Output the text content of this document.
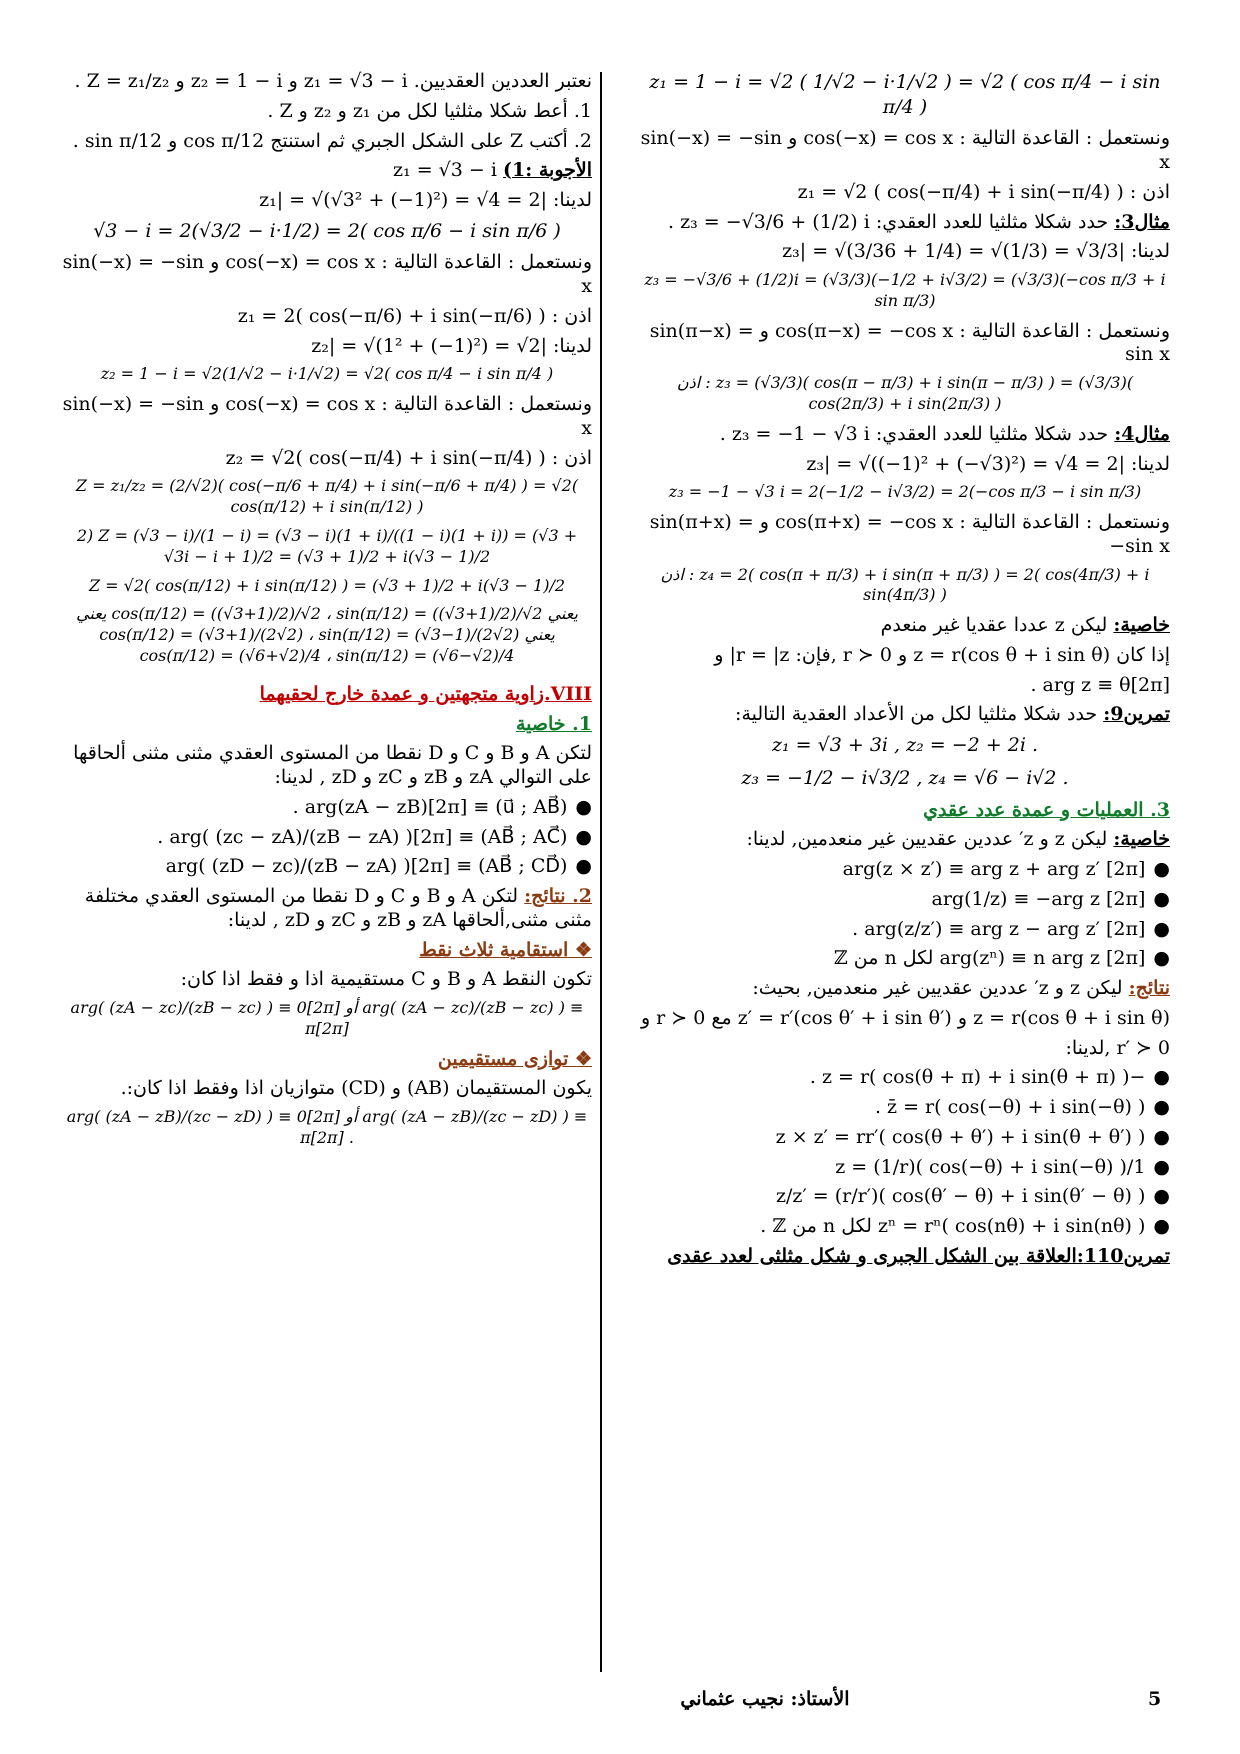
z₁ = 1 − i = √2 ( 1/√2 − i·1/√2 ) = √2 ( cos π/4 − i sin π/4 )
ونستعمل : القاعدة التالية : cos(−x) = cos x و sin(−x) = −sin x
اذن : z₁ = √2 ( cos(−π/4) + i sin(−π/4) )
مثال3: حدد شكلا مثلثيا للعدد العقدي: z₃ = −√3/6 + (1/2) i .
لدينا: |z₃| = √(3/36 + 1/4) = √(1/3) = √3/3
z₃ = −√3/6 + (1/2)i = (√3/3)(−1/2 + i√3/2) = (√3/3)(−cos π/3 + i sin π/3)
ونستعمل : القاعدة التالية : cos(π−x) = −cos x و sin(π−x) = sin x
اذن : z₃ = (√3/3)( cos(π − π/3) + i sin(π − π/3) ) = (√3/3)( cos(2π/3) + i sin(2π/3) )
مثال4: حدد شكلا مثلثيا للعدد العقدي: z₃ = −1 − √3 i .
لدينا: |z₃| = √((−1)² + (−√3)²) = √4 = 2
z₃ = −1 − √3 i = 2(−1/2 − i√3/2) = 2(−cos π/3 − i sin π/3)
ونستعمل : القاعدة التالية : cos(π+x) = −cos x و sin(π+x) = −sin x
اذن : z₄ = 2( cos(π + π/3) + i sin(π + π/3) ) = 2( cos(4π/3) + i sin(4π/3) )
خاصية: ليكن z عددا عقديا غير منعدم
إذا كان z = r(cos θ + i sin θ) و r ≻ 0 ,فإن: r = |z| و
arg z ≡ θ[2π] .
تمرين9: حدد شكلا مثلثيا لكل من الأعداد العقدية التالية:
z₁ = √3 + 3i , z₂ = −2 + 2i .
z₃ = −1/2 − i√3/2 , z₄ = √6 − i√2 .
3. العمليات و عمدة عدد عقدي
خاصية: ليكن z و z′ عددين عقديين غير منعدمين, لدينا:
● arg(z × z′) ≡ arg z + arg z′ [2π]
● arg(1/z) ≡ −arg z [2π]
● arg(z/z′) ≡ arg z − arg z′ [2π] .
● arg(zⁿ) ≡ n arg z [2π] لكل n من ℤ
نتائج: ليكن z و z′ عددين عقديين غير منعدمين, بحيث:
z = r(cos θ + i sin θ) و z′ = r′(cos θ′ + i sin θ′) مع r ≻ 0 و
r′ ≻ 0 ,لدينا:
● −z = r( cos(θ + π) + i sin(θ + π) ) .
● z̄ = r( cos(−θ) + i sin(−θ) ) .
● z × z′ = rr′( cos(θ + θ′) + i sin(θ + θ′) )
● 1/z = (1/r)( cos(−θ) + i sin(−θ) )
● z/z′ = (r/r′)( cos(θ′ − θ) + i sin(θ′ − θ) )
● zⁿ = rⁿ( cos(nθ) + i sin(nθ) ) لكل n من ℤ .
تمرين110:العلاقة بين الشكل الجبرى و شكل مثلثى لعدد عقدى
نعتبر العددين العقديين. z₁ = √3 − i و z₂ = 1 − i و Z = z₁/z₂ .
1. أعط شكلا مثلثيا لكل من z₁ و z₂ و Z .
2. أكتب Z على الشكل الجبري ثم استنتج cos π/12 و sin π/12 .
الأجوبة :1) z₁ = √3 − i
لدينا: |z₁| = √(√3² + (−1)²) = √4 = 2
√3 − i = 2(√3/2 − i·1/2) = 2( cos π/6 − i sin π/6 )
ونستعمل : القاعدة التالية : cos(−x) = cos x و sin(−x) = −sin x
اذن : z₁ = 2( cos(−π/6) + i sin(−π/6) )
لدينا: |z₂| = √(1² + (−1)²) = √2
z₂ = 1 − i = √2(1/√2 − i·1/√2) = √2( cos π/4 − i sin π/4 )
ونستعمل : القاعدة التالية : cos(−x) = cos x و sin(−x) = −sin x
اذن : z₂ = √2( cos(−π/4) + i sin(−π/4) )
Z = z₁/z₂ = (2/√2)( cos(−π/6 + π/4) + i sin(−π/6 + π/4) ) = √2( cos(π/12) + i sin(π/12) )
2) Z = (√3 − i)/(1 − i) = (√3 − i)(1 + i)/((1 − i)(1 + i)) = (√3 + √3i − i + 1)/2 = (√3 + 1)/2 + i(√3 − 1)/2
Z = √2( cos(π/12) + i sin(π/12) ) = (√3 + 1)/2 + i(√3 − 1)/2
يعني cos(π/12) = ((√3+1)/2)/√2 ، sin(π/12) = ((√3+1)/2)/√2 يعني cos(π/12) = (√3+1)/(2√2) ، sin(π/12) = (√3−1)/(2√2) يعني cos(π/12) = (√6+√2)/4 ، sin(π/12) = (√6−√2)/4
VIII.زاوية متجهتين و عمدة خارج لحقيهما
1. خاصية
لتكن A و B و C و D نقطا من المستوى العقدي مثنى مثنى ألحاقها على التوالي zA و zB و zC و zD , لدينا:
● (u⃗ ; AB⃗) ≡ arg(zA − zB)[2π] .
● (AB⃗ ; AC⃗) ≡ arg( (zc − zA)/(zB − zA) )[2π] .
● (AB⃗ ; CD⃗) ≡ arg( (zD − zc)/(zB − zA) )[2π]
2. نتائج: لتكن A و B و C و D نقطا من المستوى العقدي مختلفة مثنى مثنى,ألحاقها zA و zB و zC و zD , لدينا:
❖ استقامية ثلاث نقط
تكون النقط A و B و C مستقيمية اذا و فقط اذا كان:
arg( (zA − zc)/(zB − zc) ) ≡ 0[2π] أو arg( (zA − zc)/(zB − zc) ) ≡ π[2π]
❖ توازى مستقيمين
يكون المستقيمان (AB) و (CD) متوازيان اذا وفقط اذا كان:.
arg( (zA − zB)/(zc − zD) ) ≡ 0[2π] أو arg( (zA − zB)/(zc − zD) ) ≡ π[2π] .
الأستاذ: نجيب عثماني	5
